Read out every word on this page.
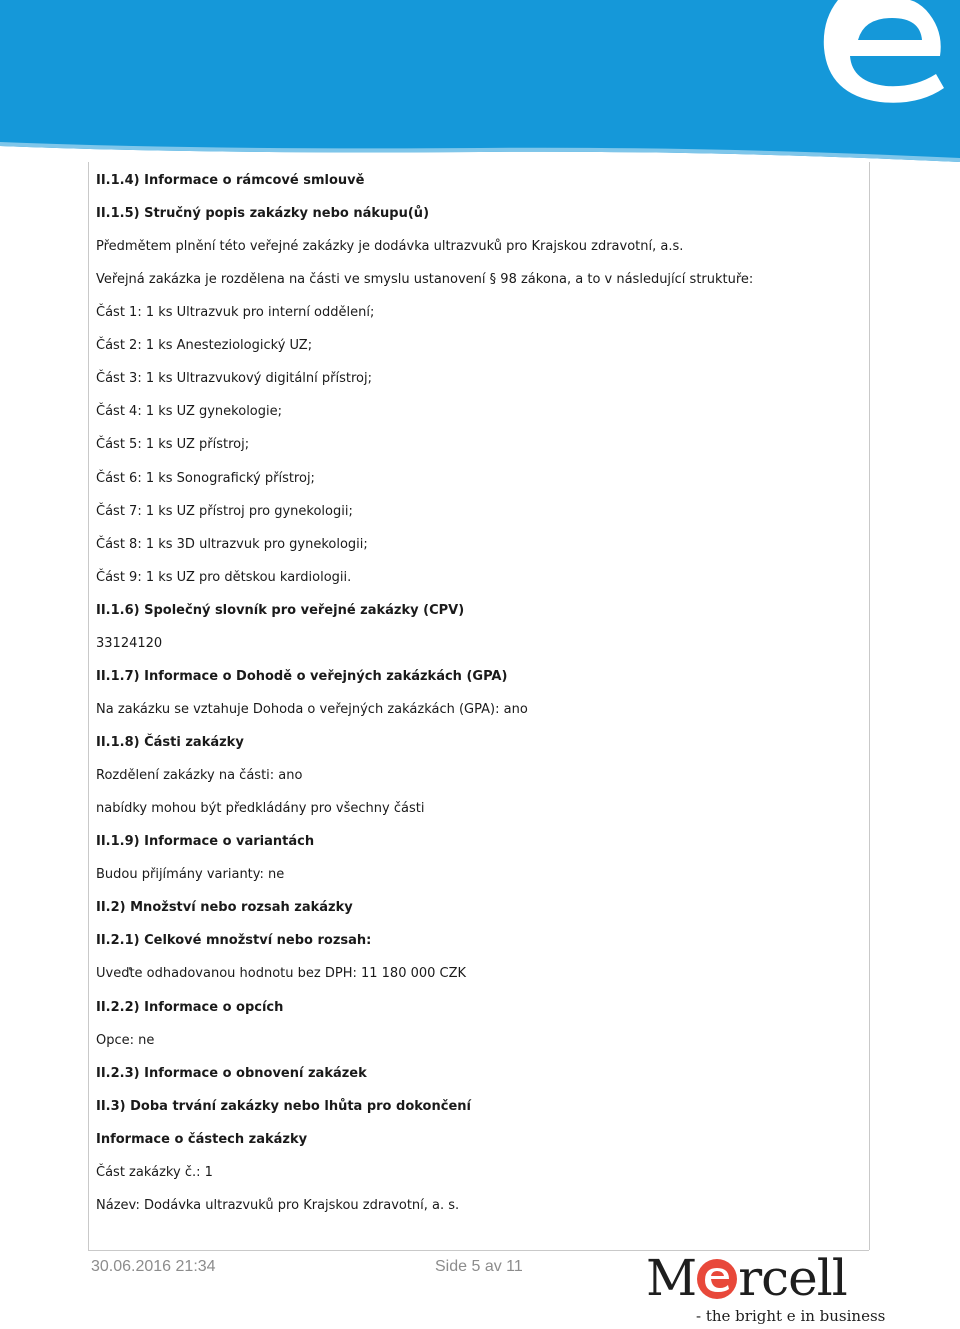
II.1.4) Informace o rámcové smlouvě
II.1.5) Stručný popis zakázky nebo nákupu(ů)
Předmětem plnění této veřejné zakázky je dodávka ultrazvuků pro Krajskou zdravotní, a.s.
Veřejná zakázka je rozdělena na části ve smyslu ustanovení § 98 zákona, a to v následující struktuře:
Část 1: 1 ks Ultrazvuk pro interní oddělení;
Část 2: 1 ks Anesteziologický UZ;
Část 3: 1 ks Ultrazvukový digitální přístroj;
Část 4: 1 ks UZ gynekologie;
Část 5: 1 ks UZ přístroj;
Část 6: 1 ks Sonografický přístroj;
Část 7: 1 ks UZ přístroj pro gynekologii;
Část 8: 1 ks 3D ultrazvuk pro gynekologii;
Část 9: 1 ks UZ pro dětskou kardiologii.
II.1.6) Společný slovník pro veřejné zakázky (CPV)
33124120
II.1.7) Informace o Dohodě o veřejných zakázkách (GPA)
Na zakázku se vztahuje Dohoda o veřejných zakázkách (GPA): ano
II.1.8) Části zakázky
Rozdělení zakázky na části: ano
nabídky mohou být předkládány pro všechny části
II.1.9) Informace o variantách
Budou přijímány varianty: ne
II.2) Množství nebo rozsah zakázky
II.2.1) Celkové množství nebo rozsah:
Uveďte odhadovanou hodnotu bez DPH: 11 180 000 CZK
II.2.2) Informace o opcích
Opce: ne
II.2.3) Informace o obnovení zakázek
II.3) Doba trvání zakázky nebo lhůta pro dokončení
Informace o částech zakázky
Část zakázky č.: 1
Název: Dodávka ultrazvuků pro Krajskou zdravotní, a. s.
30.06.2016 21:34	Side 5 av 11 M rcell
- the bright e in business
